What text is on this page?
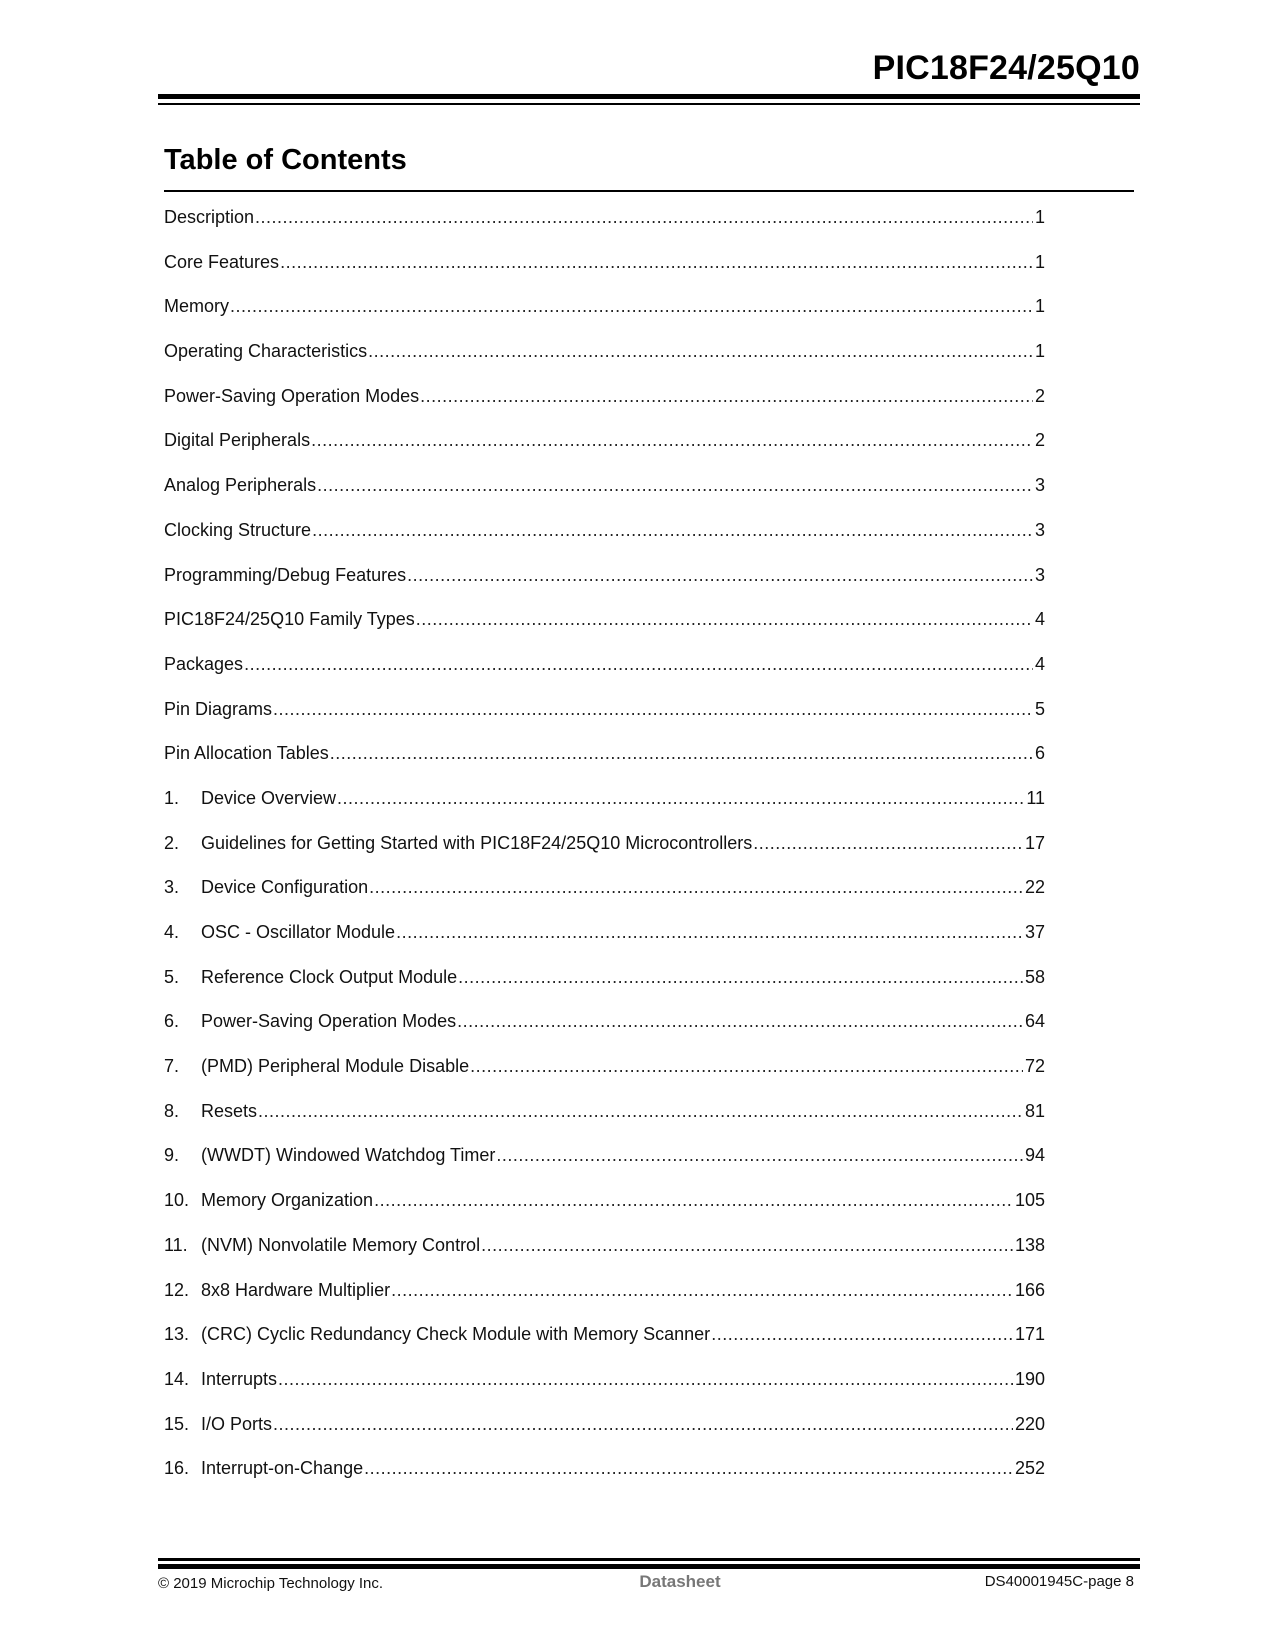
PIC18F24/25Q10
Table of Contents
Description .....	1
Core Features .....	1
Memory .....	1
Operating Characteristics .....	1
Power-Saving Operation Modes .....	2
Digital Peripherals .....	2
Analog Peripherals .....	3
Clocking Structure .....	3
Programming/Debug Features .....	3
PIC18F24/25Q10 Family Types .....	4
Packages .....	4
Pin Diagrams .....	5
Pin Allocation Tables .....	6
1.	Device Overview .....	11
2.	Guidelines for Getting Started with PIC18F24/25Q10 Microcontrollers .....	17
3.	Device Configuration .....	22
4.	OSC - Oscillator Module .....	37
5.	Reference Clock Output Module .....	58
6.	Power-Saving Operation Modes .....	64
7.	(PMD) Peripheral Module Disable .....	72
8.	Resets .....	81
9.	(WWDT) Windowed Watchdog Timer .....	94
10. Memory Organization .....	105
11. (NVM) Nonvolatile Memory Control .....	138
12. 8x8 Hardware Multiplier .....	166
13. (CRC) Cyclic Redundancy Check Module with Memory Scanner .....	171
14. Interrupts .....	190
15. I/O Ports .....	220
16. Interrupt-on-Change .....	252
© 2019 Microchip Technology Inc.	Datasheet	DS40001945C-page 8
